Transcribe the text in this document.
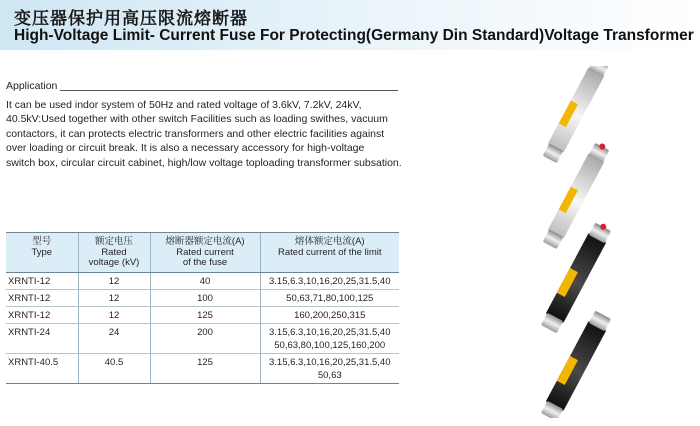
变压器保护用高压限流熔断器
High-Voltage Limit- Current Fuse For Protecting(Germany Din Standard)Voltage Transformer
Application
It can be used indor system of 50Hz and rated voltage of 3.6kV, 7.2kV, 24kV,
40.5kV:Used together with other switch Facilities such as loading swithes, vacuum
contactors, it can protects electric transformers and other electric facilities against
over loading or circuit break. It is also a necessary accessory for high-voltage
switch box, circular circuit cabinet, high/low voltage toploading transformer subsation.
型号
Type	额定电压
Rated
voltage (kV)	熔断器额定电流(A)
Rated current
of the fuse	熔体额定电流(A)
Rated current of the limit

XRNTI-12	12	40	3.15,6.3,10,16,20,25,31.5,40

XRNTI-12	12	100	50,63,71,80,100,125

XRNTI-12	12	125	160,200,250,315

XRNTI-24	24	200	3.15,6.3,10,16,20,25,31.5,40
50,63,80,100,125,160,200

XRNTI-40.5	40.5	125	3.15,6.3,10,16,20,25,31.5,40
50,63
